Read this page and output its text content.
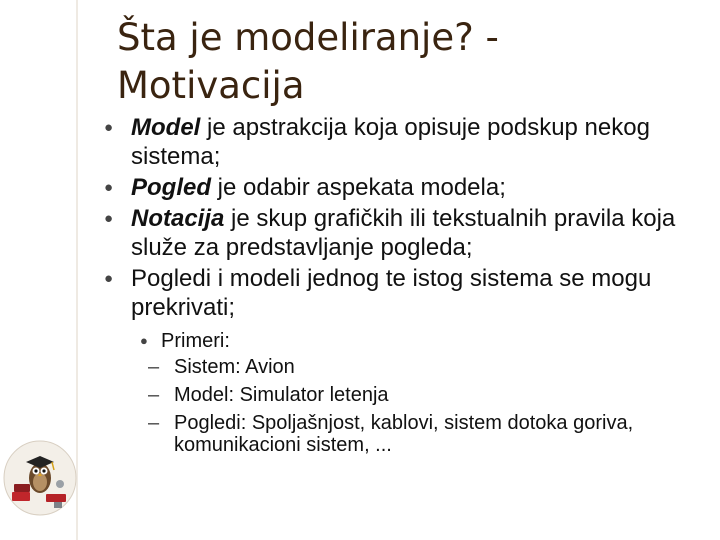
Šta je modeliranje? -
Motivacija
● Model je apstrakcija koja opisuje podskup nekog sistema;
● Pogled je odabir aspekata modela;
● Notacija je skup grafičkih ili tekstualnih pravila koja služe za predstavljanje pogleda;
● Pogledi i modeli jednog te istog sistema se mogu prekrivati;
● Primeri:
– Sistem: Avion
– Model: Simulator letenja
– Pogledi: Spoljašnjost, kablovi, sistem dotoka goriva, komunikacioni sistem, ...
